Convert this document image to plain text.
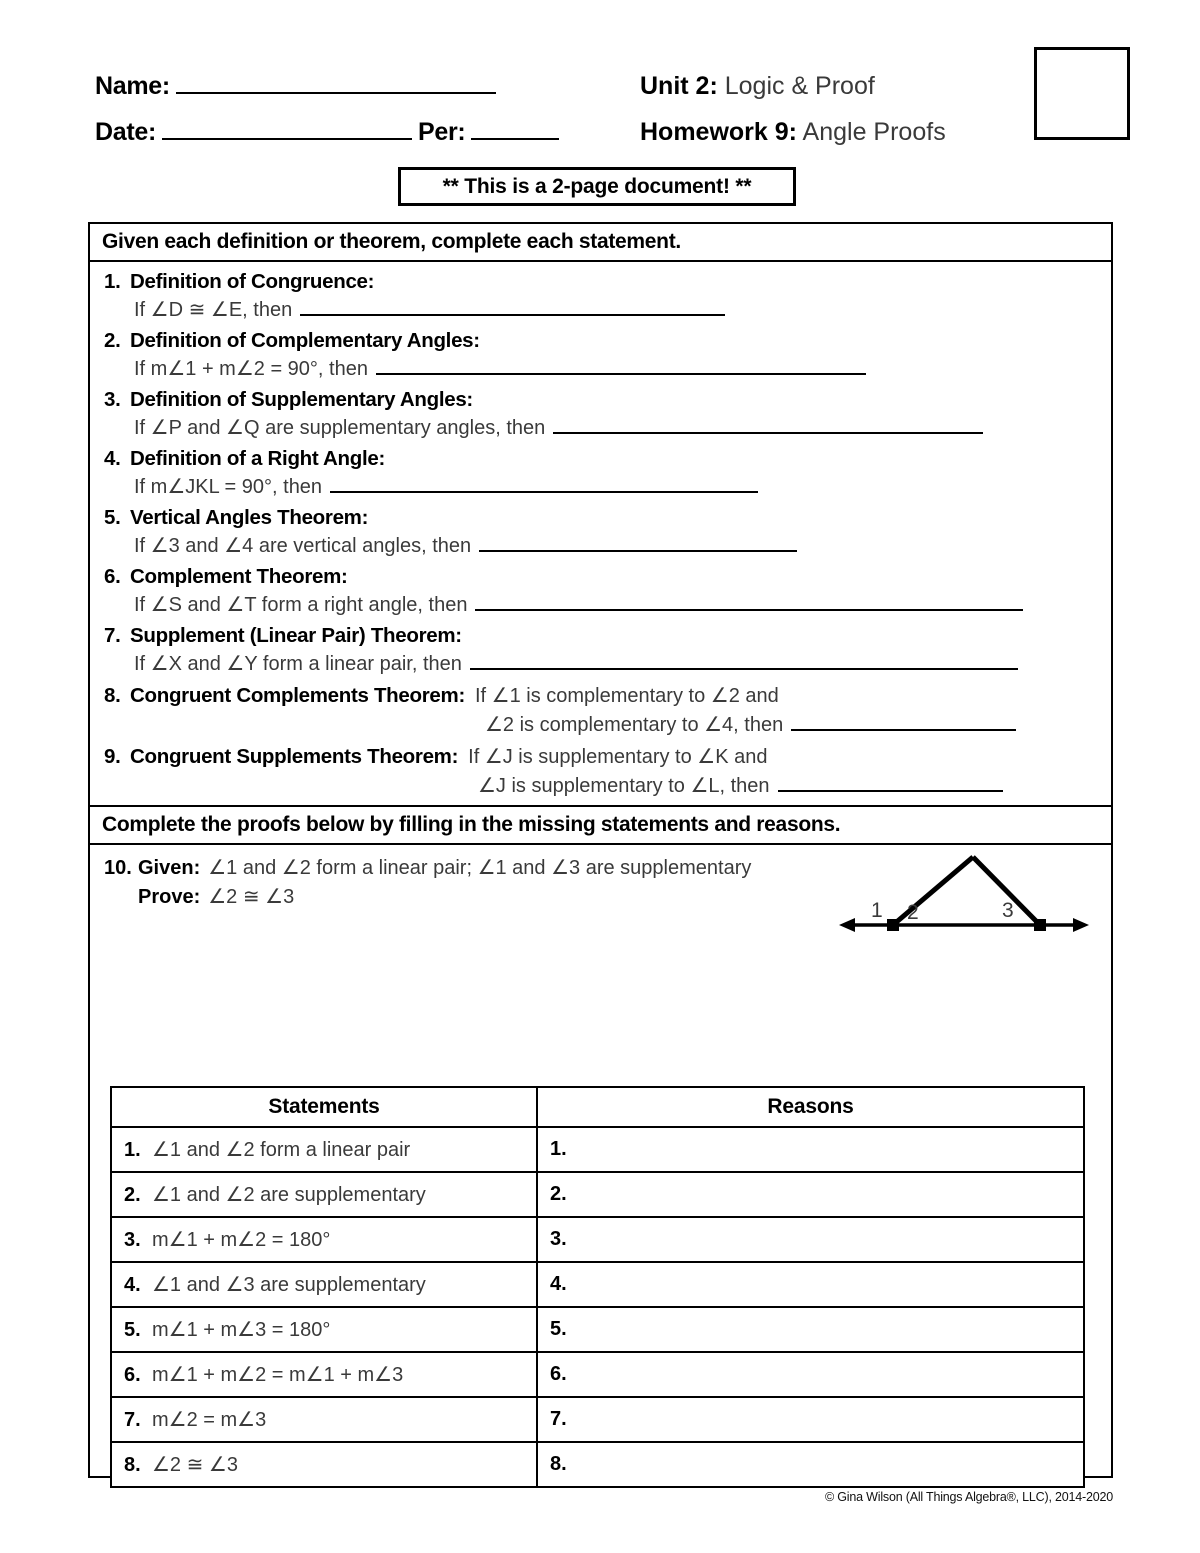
Name:
Date:	Per:
Unit 2: Logic & Proof
Homework 9: Angle Proofs
** This is a 2-page document! **
Given each definition or theorem, complete each statement.
1. Definition of Congruence:
If ∠D ≅ ∠E, then
2. Definition of Complementary Angles:
If m∠1 + m∠2 = 90°, then
3. Definition of Supplementary Angles:
If ∠P and ∠Q are supplementary angles, then
4. Definition of a Right Angle:
If m∠JKL = 90°, then
5. Vertical Angles Theorem:
If ∠3 and ∠4 are vertical angles, then
6. Complement Theorem:
If ∠S and ∠T form a right angle, then
7. Supplement (Linear Pair) Theorem:
If ∠X and ∠Y form a linear pair, then
8. Congruent Complements Theorem: If ∠1 is complementary to ∠2 and
∠2 is complementary to ∠4, then
9. Congruent Supplements Theorem: If ∠J is supplementary to ∠K and
∠J is supplementary to ∠L, then
Complete the proofs below by filling in the missing statements and reasons.
10. Given: ∠1 and ∠2 form a linear pair; ∠1 and ∠3 are supplementary
Prove: ∠2 ≅ ∠3
1 2	3
Statements	Reasons
1. ∠1 and ∠2 form a linear pair	1.
2. ∠1 and ∠2 are supplementary	2.
3. m∠1 + m∠2 = 180°	3.
4. ∠1 and ∠3 are supplementary	4.
5. m∠1 + m∠3 = 180°	5.
6. m∠1 + m∠2 = m∠1 + m∠3	6.
7. m∠2 = m∠3	7.
8. ∠2 ≅ ∠3	8.
© Gina Wilson (All Things Algebra®, LLC), 2014-2020
